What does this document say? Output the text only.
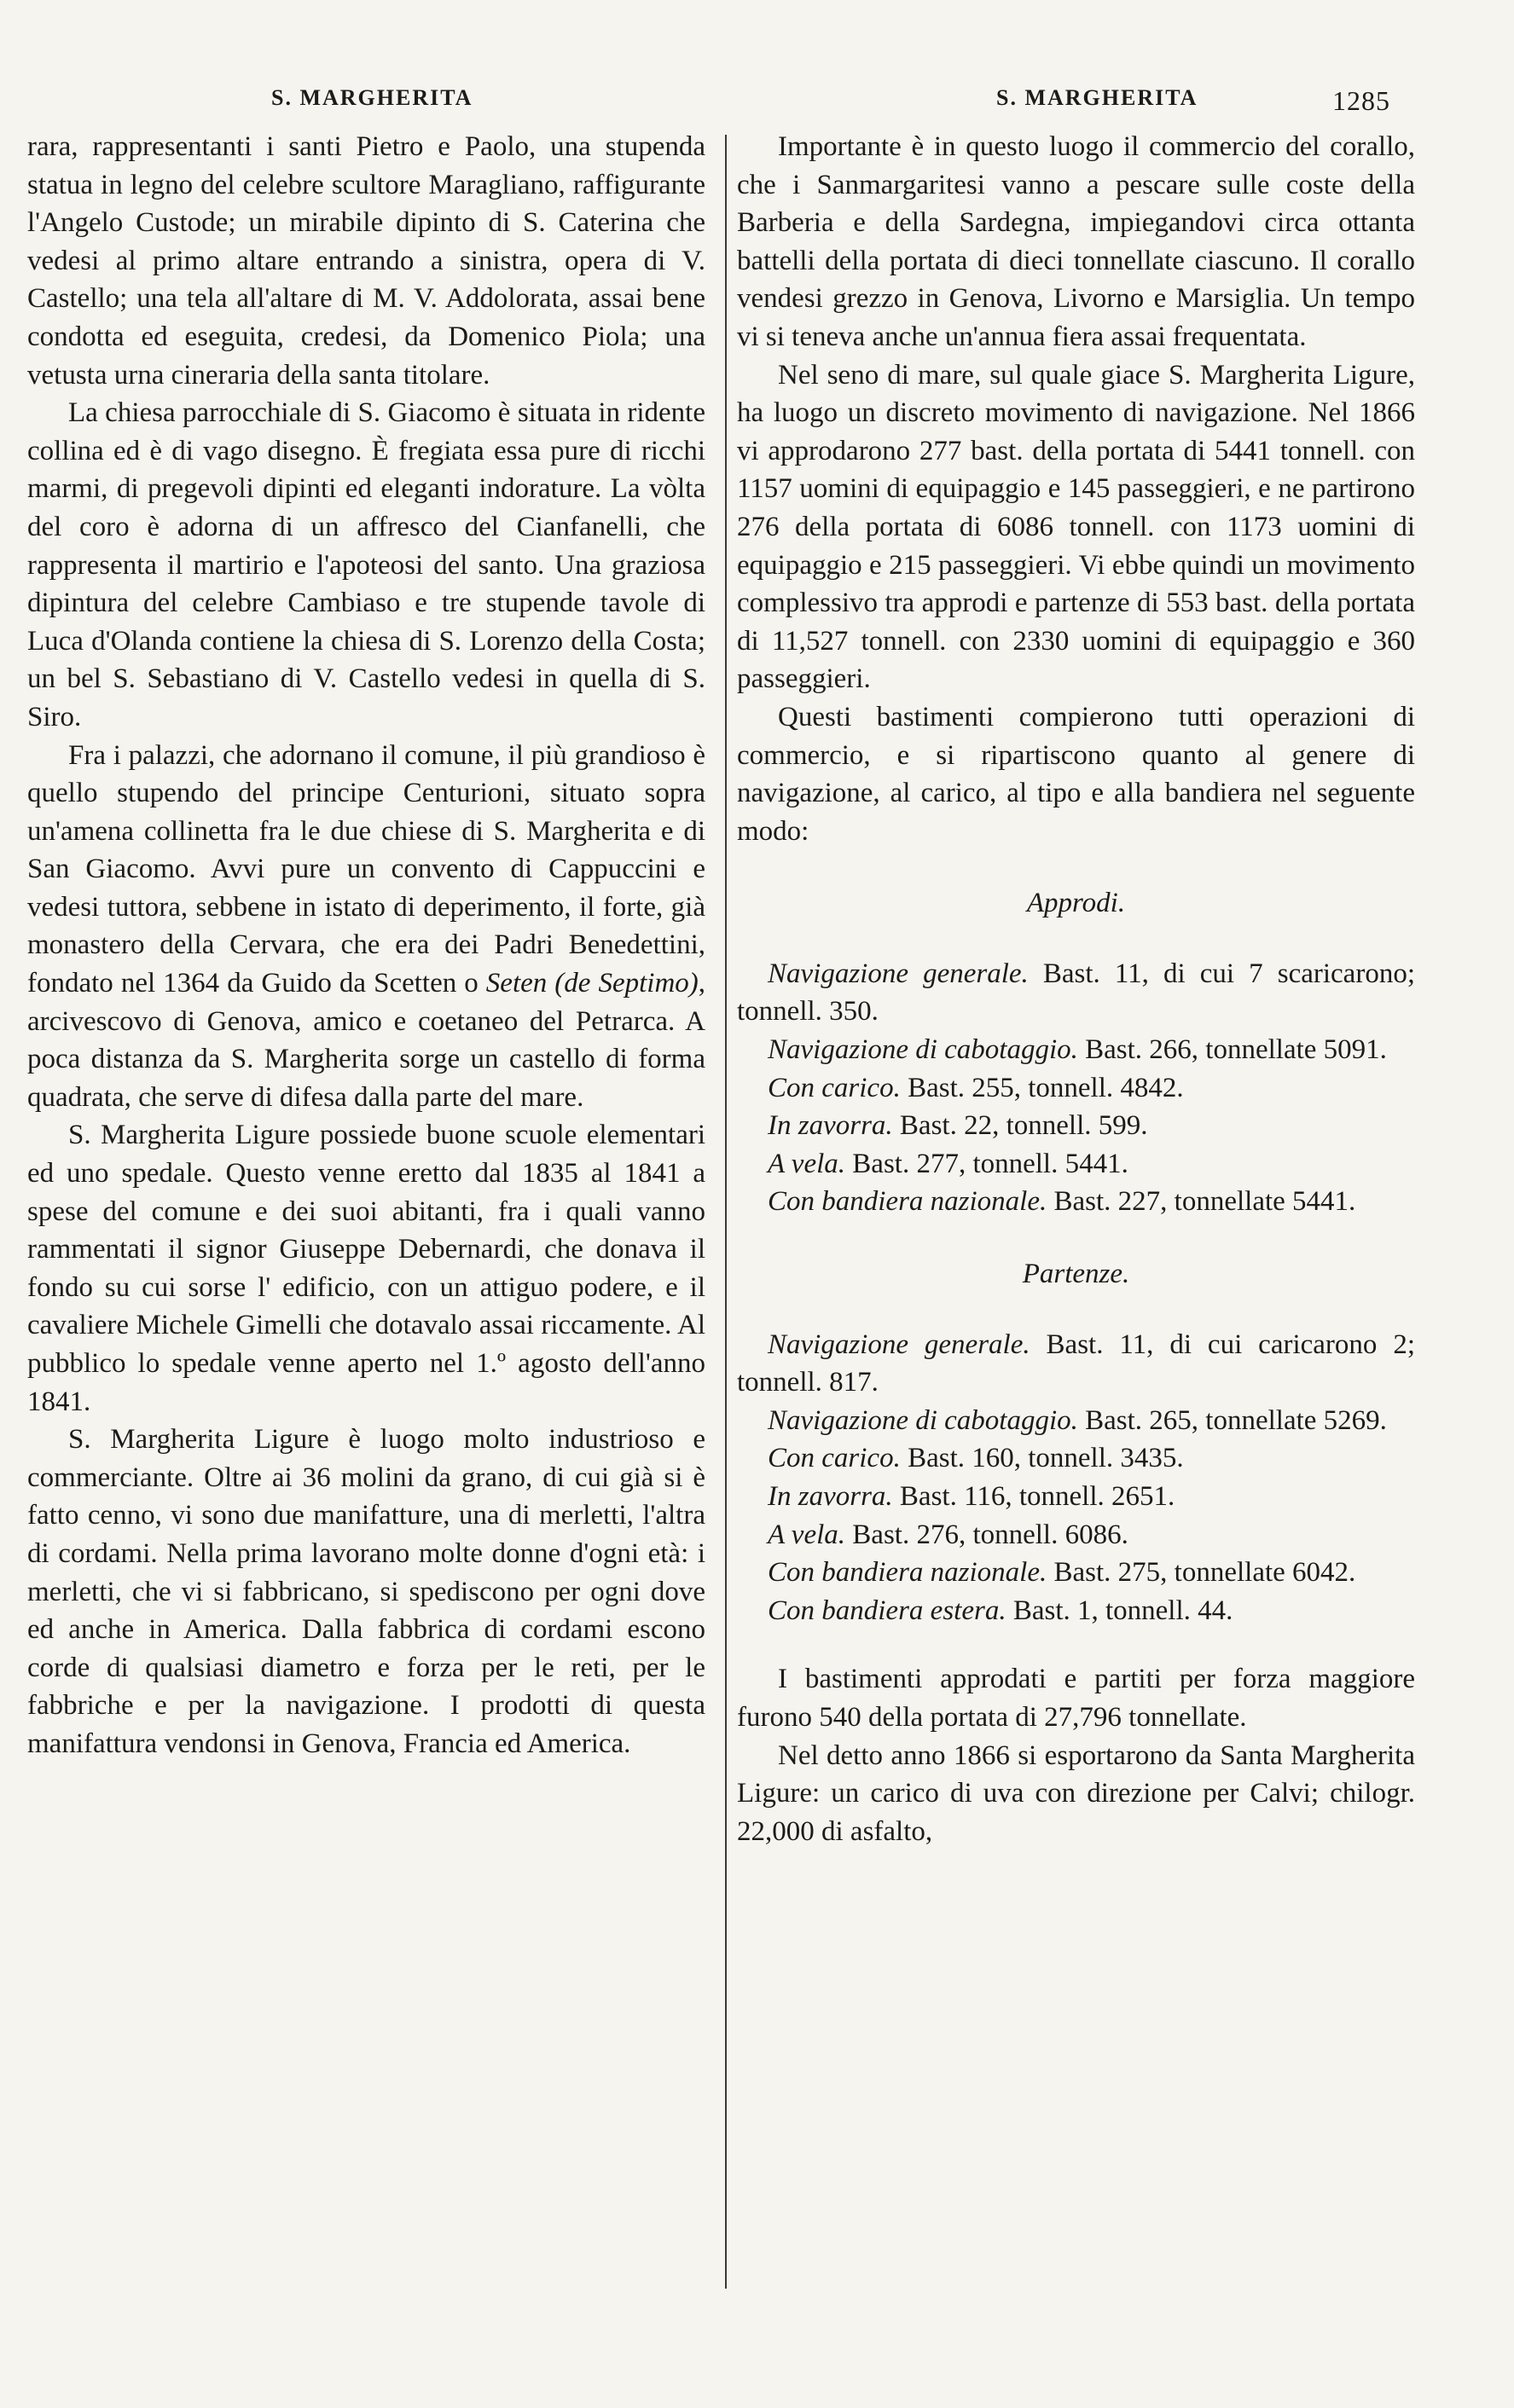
S. MARGHERITA	S. MARGHERITA	1285

rara, rappresentanti i santi Pietro e Paolo, una stupenda statua in legno del celebre scultore Maragliano, raffigurante l'Angelo Custode; un mirabile dipinto di S. Caterina che vedesi al primo altare entrando a sinistra, opera di V. Castello; una tela all'altare di M. V. Addolorata, assai bene condotta ed eseguita, credesi, da Domenico Piola; una vetusta urna cineraria della santa titolare.

La chiesa parrocchiale di S. Giacomo è situata in ridente collina ed è di vago disegno. È fregiata essa pure di ricchi marmi, di pregevoli dipinti ed eleganti indorature. La vòlta del coro è adorna di un affresco del Cianfanelli, che rappresenta il martirio e l'apoteosi del santo. Una graziosa dipintura del celebre Cambiaso e tre stupende tavole di Luca d'Olanda contiene la chiesa di S. Lorenzo della Costa; un bel S. Sebastiano di V. Castello vedesi in quella di S. Siro.

Fra i palazzi, che adornano il comune, il più grandioso è quello stupendo del principe Centurioni, situato sopra un'amena collinetta fra le due chiese di S. Margherita e di San Giacomo. Avvi pure un convento di Cappuccini e vedesi tuttora, sebbene in istato di deperimento, il forte, già monastero della Cervara, che era dei Padri Benedettini, fondato nel 1364 da Guido da Scetten o Seten (de Septimo), arcivescovo di Genova, amico e coetaneo del Petrarca. A poca distanza da S. Margherita sorge un castello di forma quadrata, che serve di difesa dalla parte del mare.

S. Margherita Ligure possiede buone scuole elementari ed uno spedale. Questo venne eretto dal 1835 al 1841 a spese del comune e dei suoi abitanti, fra i quali vanno rammentati il signor Giuseppe Debernardi, che donava il fondo su cui sorse l' edificio, con un attiguo podere, e il cavaliere Michele Gimelli che dotavalo assai riccamente. Al pubblico lo spedale venne aperto nel 1.º agosto dell'anno 1841.

S. Margherita Ligure è luogo molto industrioso e commerciante. Oltre ai 36 molini da grano, di cui già si è fatto cenno, vi sono due manifatture, una di merletti, l'altra di cordami. Nella prima lavorano molte donne d'ogni età: i merletti, che vi si fabbricano, si spediscono per ogni dove ed anche in America. Dalla fabbrica di cordami escono corde di qualsiasi diametro e forza per le reti, per le fabbriche e per la navigazione. I prodotti di questa manifattura vendonsi in Genova, Francia ed America.

Importante è in questo luogo il commercio del corallo, che i Sanmargaritesi vanno a pescare sulle coste della Barberia e della Sardegna, impiegandovi circa ottanta battelli della portata di dieci tonnellate ciascuno. Il corallo vendesi grezzo in Genova, Livorno e Marsiglia. Un tempo vi si teneva anche un'annua fiera assai frequentata.

Nel seno di mare, sul quale giace S. Margherita Ligure, ha luogo un discreto movimento di navigazione. Nel 1866 vi approdarono 277 bast. della portata di 5441 tonnell. con 1157 uomini di equipaggio e 145 passeggieri, e ne partirono 276 della portata di 6086 tonnell. con 1173 uomini di equipaggio e 215 passeggieri. Vi ebbe quindi un movimento complessivo tra approdi e partenze di 553 bast. della portata di 11,527 tonnell. con 2330 uomini di equipaggio e 360 passeggieri.

Questi bastimenti compierono tutti operazioni di commercio, e si ripartiscono quanto al genere di navigazione, al carico, al tipo e alla bandiera nel seguente modo:

Approdi.

Navigazione generale. Bast. 11, di cui 7 scaricarono; tonnell. 350.

Navigazione di cabotaggio. Bast. 266, tonnellate 5091.

Con carico. Bast. 255, tonnell. 4842.

In zavorra. Bast. 22, tonnell. 599.

A vela. Bast. 277, tonnell. 5441.

Con bandiera nazionale. Bast. 227, tonnellate 5441.

Partenze.

Navigazione generale. Bast. 11, di cui caricarono 2; tonnell. 817.

Navigazione di cabotaggio. Bast. 265, tonnellate 5269.

Con carico. Bast. 160, tonnell. 3435.

In zavorra. Bast. 116, tonnell. 2651.

A vela. Bast. 276, tonnell. 6086.

Con bandiera nazionale. Bast. 275, tonnellate 6042.

Con bandiera estera. Bast. 1, tonnell. 44.

I bastimenti approdati e partiti per forza maggiore furono 540 della portata di 27,796 tonnellate.

Nel detto anno 1866 si esportarono da Santa Margherita Ligure: un carico di uva con direzione per Calvi; chilogr. 22,000 di asfalto,
